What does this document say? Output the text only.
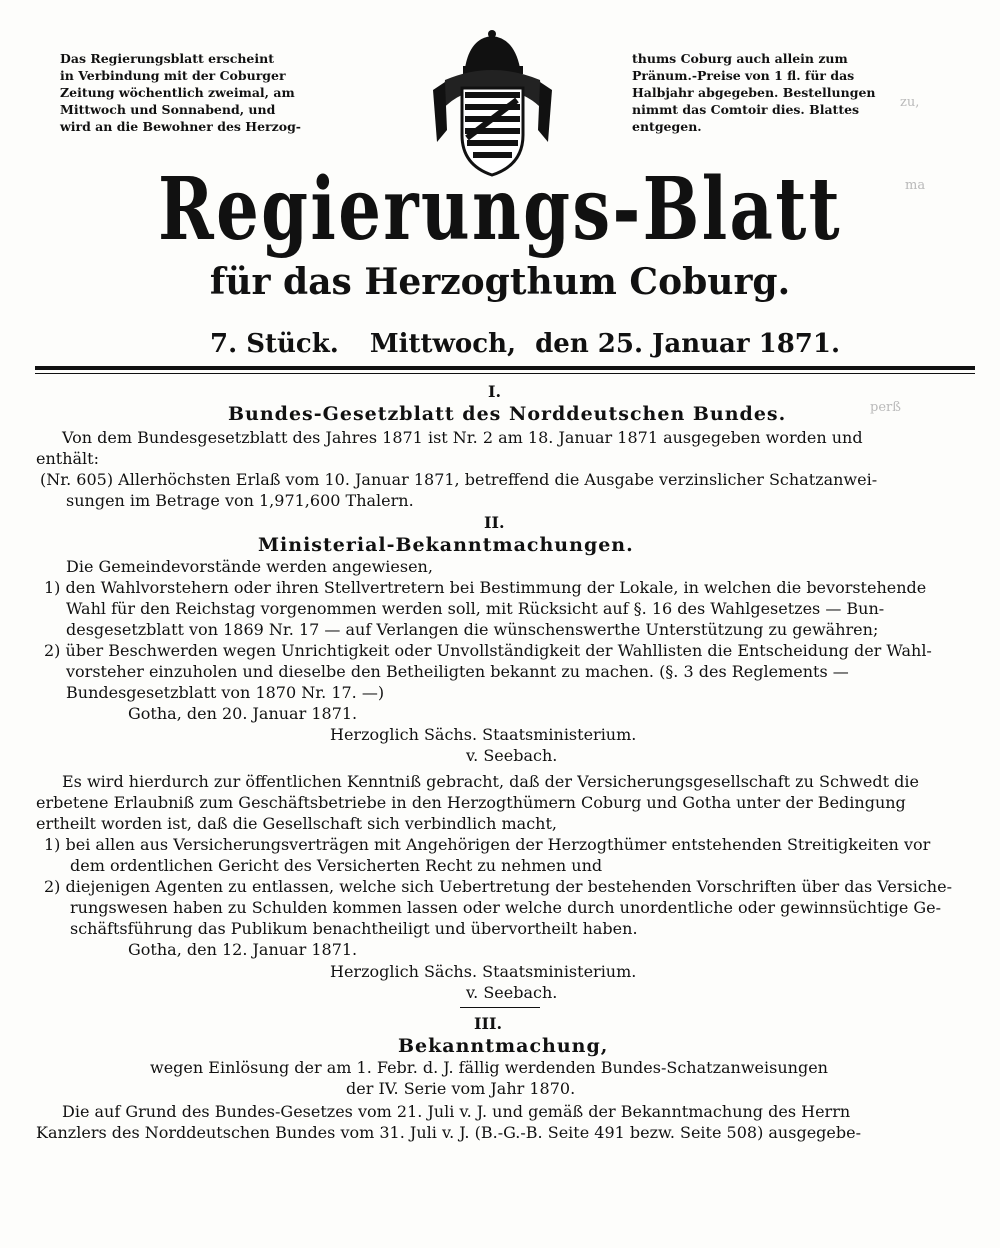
zu,
ma
perß
Das Regierungsblatt erscheint
in Verbindung mit der Coburger
Zeitung wöchentlich zweimal, am
Mittwoch und Sonnabend, und
wird an die Bewohner des Herzog-
thums Coburg auch allein zum
Pränum.-Preise von 1 fl. für das
Halbjahr abgegeben. Bestellungen
nimmt das Comtoir dies. Blattes
entgegen.
Regierungs-Blatt
für das Herzogthum Coburg.
7. Stück. Mittwoch, den 25. Januar 1871.
I.
Bundes-Gesetzblatt des Norddeutschen Bundes.
Von dem Bundesgesetzblatt des Jahres 1871 ist Nr. 2 am 18. Januar 1871 ausgegeben worden und
enthält:
(Nr. 605) Allerhöchsten Erlaß vom 10. Januar 1871, betreffend die Ausgabe verzinslicher Schatzanwei-
sungen im Betrage von 1,971,600 Thalern.
II.
Ministerial-Bekanntmachungen.
Die Gemeindevorstände werden angewiesen,
1) den Wahlvorstehern oder ihren Stellvertretern bei Bestimmung der Lokale, in welchen die bevorstehende
Wahl für den Reichstag vorgenommen werden soll, mit Rücksicht auf §. 16 des Wahlgesetzes — Bun-
desgesetzblatt von 1869 Nr. 17 — auf Verlangen die wünschenswerthe Unterstützung zu gewähren;
2) über Beschwerden wegen Unrichtigkeit oder Unvollständigkeit der Wahllisten die Entscheidung der Wahl-
vorsteher einzuholen und dieselbe den Betheiligten bekannt zu machen. (§. 3 des Reglements —
Bundesgesetzblatt von 1870 Nr. 17. —)
Gotha, den 20. Januar 1871.
Herzoglich Sächs. Staatsministerium.
v. Seebach.
Es wird hierdurch zur öffentlichen Kenntniß gebracht, daß der Versicherungsgesellschaft zu Schwedt die
erbetene Erlaubniß zum Geschäftsbetriebe in den Herzogthümern Coburg und Gotha unter der Bedingung
ertheilt worden ist, daß die Gesellschaft sich verbindlich macht,
1) bei allen aus Versicherungsverträgen mit Angehörigen der Herzogthümer entstehenden Streitigkeiten vor
dem ordentlichen Gericht des Versicherten Recht zu nehmen und
2) diejenigen Agenten zu entlassen, welche sich Uebertretung der bestehenden Vorschriften über das Versiche-
rungswesen haben zu Schulden kommen lassen oder welche durch unordentliche oder gewinnsüchtige Ge-
schäftsführung das Publikum benachtheiligt und übervortheilt haben.
Gotha, den 12. Januar 1871.
Herzoglich Sächs. Staatsministerium.
v. Seebach.
III.
Bekanntmachung,
wegen Einlösung der am 1. Febr. d. J. fällig werdenden Bundes-Schatzanweisungen
der IV. Serie vom Jahr 1870.
Die auf Grund des Bundes-Gesetzes vom 21. Juli v. J. und gemäß der Bekanntmachung des Herrn
Kanzlers des Norddeutschen Bundes vom 31. Juli v. J. (B.-G.-B. Seite 491 bezw. Seite 508) ausgegebe-
